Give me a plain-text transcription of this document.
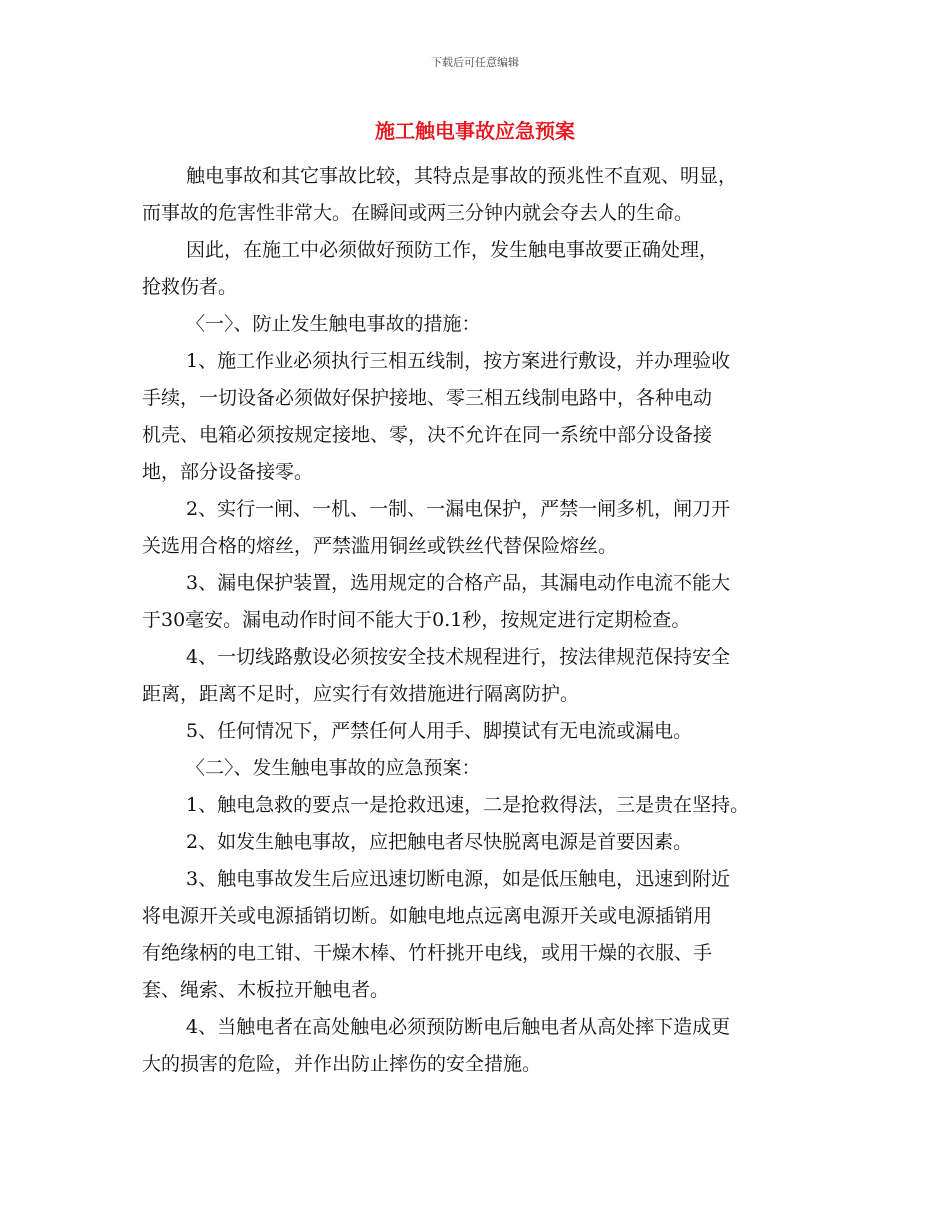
下载后可任意编辑
施工触电事故应急预案
触电事故和其它事故比较，其特点是事故的预兆性不直观、明显，
而事故的危害性非常大。在瞬间或两三分钟内就会夺去人的生命。
因此，在施工中必须做好预防工作，发生触电事故要正确处理，
抢救伤者。
〈一〉、防止发生触电事故的措施：
1、施工作业必须执行三相五线制，按方案进行敷设，并办理验收
手续，一切设备必须做好保护接地、零三相五线制电路中，各种电动
机壳、电箱必须按规定接地、零，决不允许在同一系统中部分设备接
地，部分设备接零。
2、实行一闸、一机、一制、一漏电保护，严禁一闸多机，闸刀开
关选用合格的熔丝，严禁滥用铜丝或铁丝代替保险熔丝。
3、漏电保护装置，选用规定的合格产品，其漏电动作电流不能大
于30毫安。漏电动作时间不能大于0.1秒，按规定进行定期检查。
4、一切线路敷设必须按安全技术规程进行，按法律规范保持安全
距离，距离不足时，应实行有效措施进行隔离防护。
5、任何情况下，严禁任何人用手、脚摸试有无电流或漏电。
〈二〉、发生触电事故的应急预案：
1、触电急救的要点一是抢救迅速，二是抢救得法，三是贵在坚持。
2、如发生触电事故，应把触电者尽快脱离电源是首要因素。
3、触电事故发生后应迅速切断电源，如是低压触电，迅速到附近
将电源开关或电源插销切断。如触电地点远离电源开关或电源插销用
有绝缘柄的电工钳、干燥木棒、竹杆挑开电线，或用干燥的衣服、手
套、绳索、木板拉开触电者。
4、当触电者在高处触电必须预防断电后触电者从高处摔下造成更
大的损害的危险，并作出防止摔伤的安全措施。
